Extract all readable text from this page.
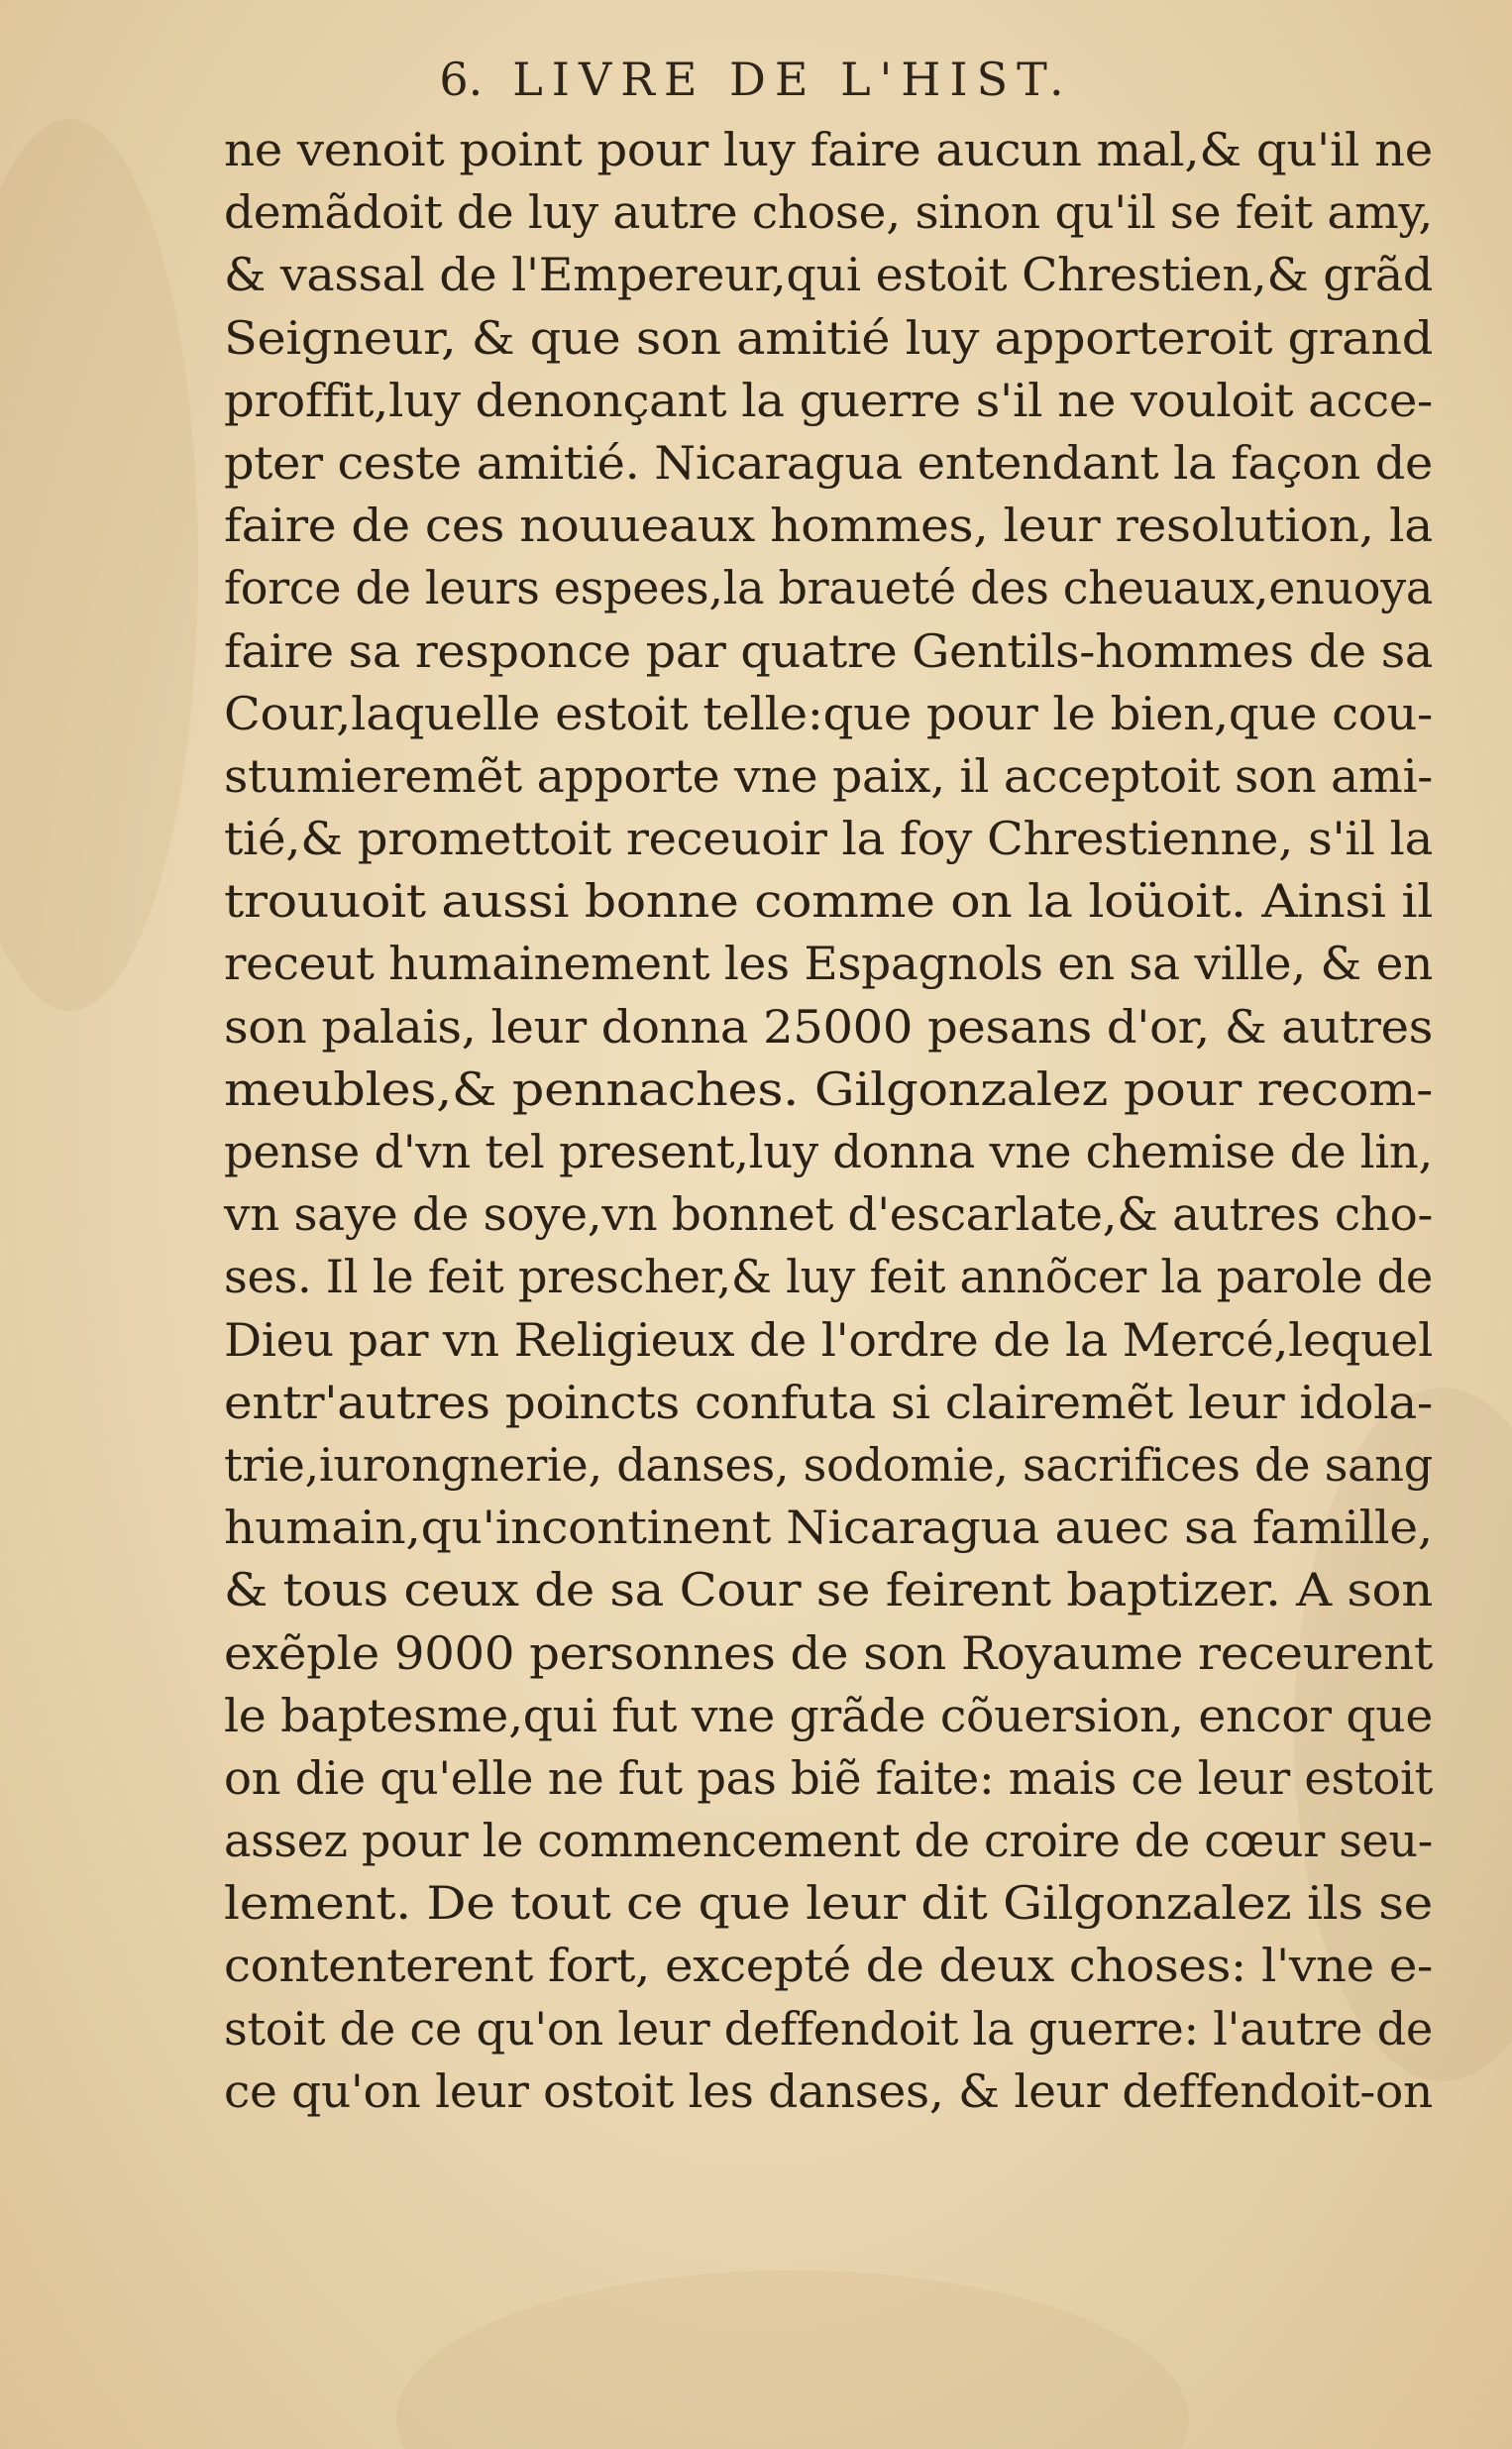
6. LIVRE DE L'HIST.
ne venoit point pour luy faire aucun mal,& qu'il ne
demãdoit de luy autre chose, sinon qu'il se feit amy,
& vassal de l'Empereur,qui estoit Chrestien,& grãd
Seigneur, & que son amitié luy apporteroit grand
proffit,luy denonçant la guerre s'il ne vouloit acce-
pter ceste amitié. Nicaragua entendant la façon de
faire de ces nouueaux hommes, leur resolution, la
force de leurs espees,la braueté des cheuaux,enuoya
faire sa responce par quatre Gentils-hommes de sa
Cour,laquelle estoit telle:que pour le bien,que cou-
stumieremẽt apporte vne paix, il acceptoit son ami-
tié,& promettoit receuoir la foy Chrestienne, s'il la
trouuoit aussi bonne comme on la loüoit. Ainsi il
receut humainement les Espagnols en sa ville, & en
son palais, leur donna 25000 pesans d'or, & autres
meubles,& pennaches. Gilgonzalez pour recom-
pense d'vn tel present,luy donna vne chemise de lin,
vn saye de soye,vn bonnet d'escarlate,& autres cho-
ses. Il le feit prescher,& luy feit annõcer la parole de
Dieu par vn Religieux de l'ordre de la Mercé,lequel
entr'autres poincts confuta si clairemẽt leur idola-
trie,iurongnerie, danses, sodomie, sacrifices de sang
humain,qu'incontinent Nicaragua auec sa famille,
& tous ceux de sa Cour se feirent baptizer. A son
exẽple 9000 personnes de son Royaume receurent
le baptesme,qui fut vne grãde cõuersion, encor que
on die qu'elle ne fut pas biẽ faite: mais ce leur estoit
assez pour le commencement de croire de cœur seu-
lement. De tout ce que leur dit Gilgonzalez ils se
contenterent fort, excepté de deux choses: l'vne e-
stoit de ce qu'on leur deffendoit la guerre: l'autre de
ce qu'on leur ostoit les danses, & leur deffendoit-on
